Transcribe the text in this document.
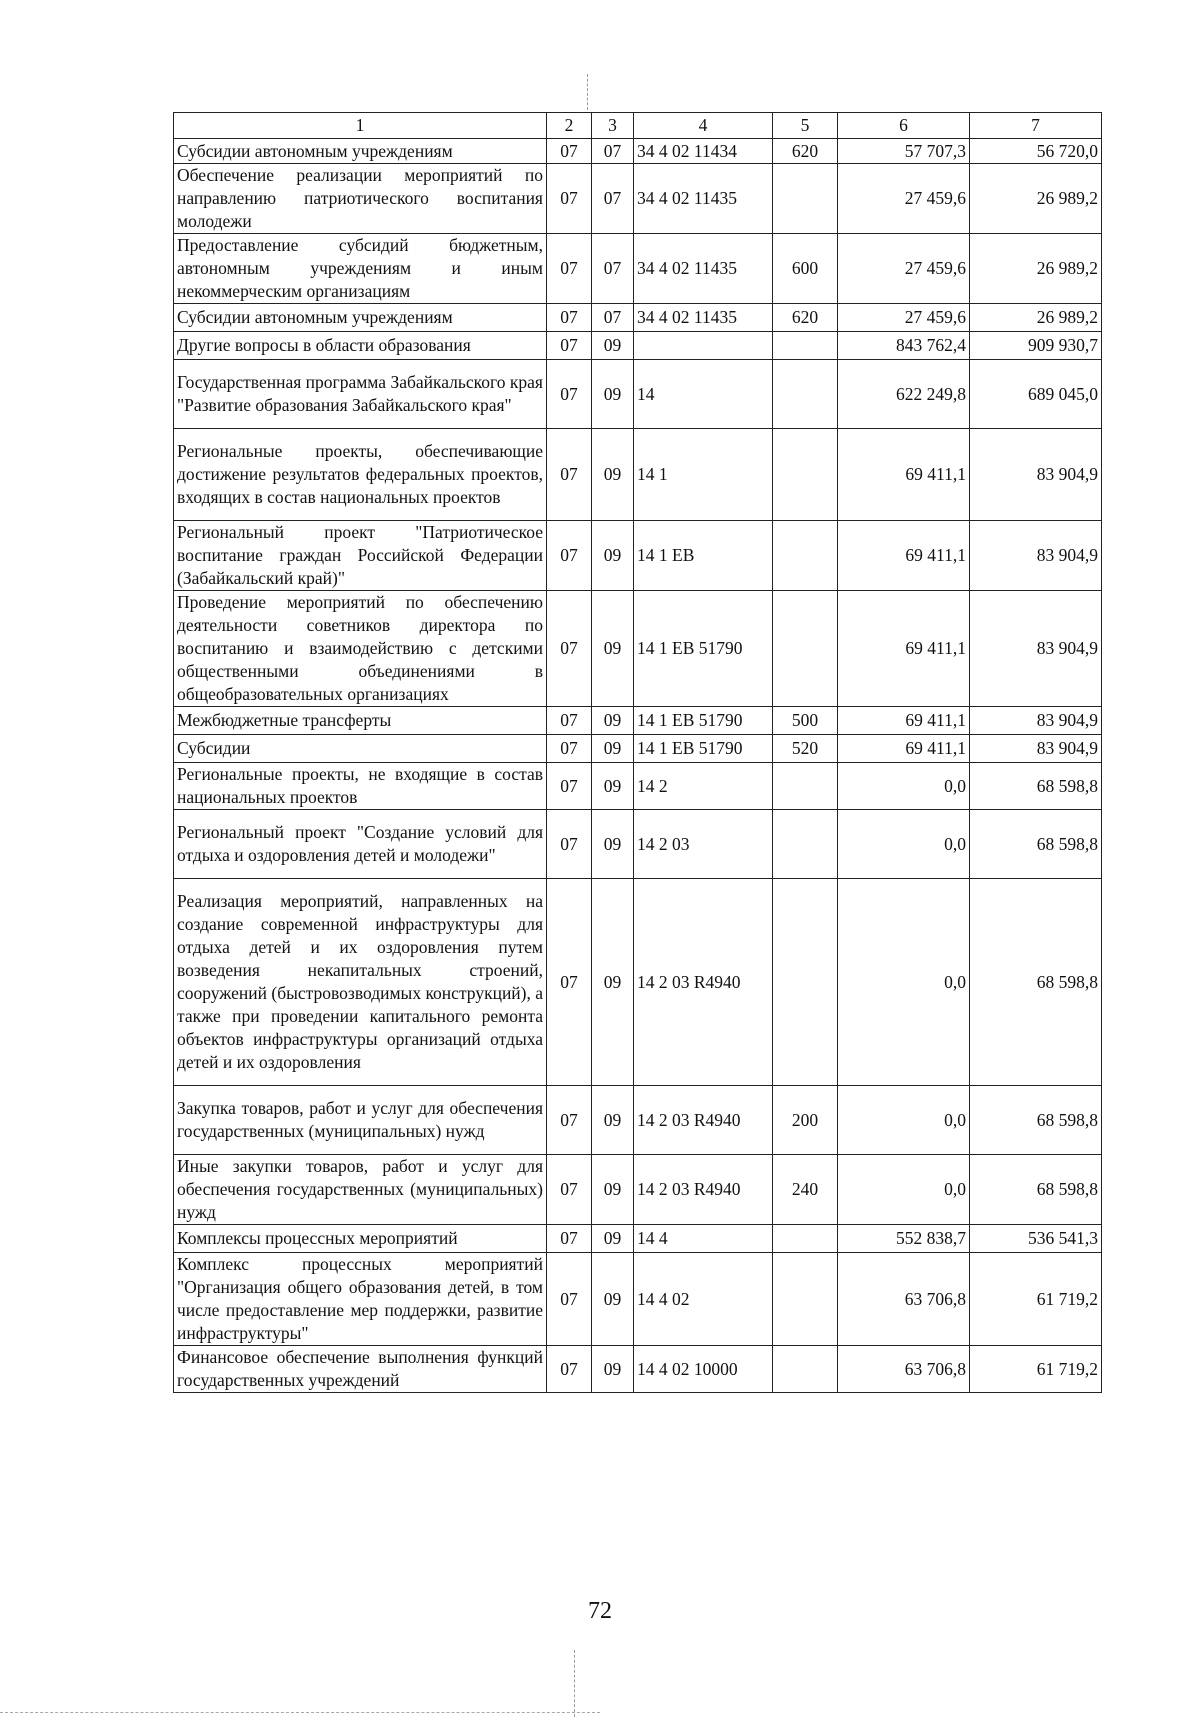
1	2	3	4	5	6	7
Субсидии автономным учреждениям	07	07	34 4 02 11434	620	57 707,3	56 720,0
Обеспечение реализации мероприятий по направлению патриотического воспитания молодежи	07	07	34 4 02 11435		27 459,6	26 989,2
Предоставление субсидий бюджетным, автономным учреждениям и иным некоммерческим организациям	07	07	34 4 02 11435	600	27 459,6	26 989,2
Субсидии автономным учреждениям	07	07	34 4 02 11435	620	27 459,6	26 989,2
Другие вопросы в области образования	07	09			843 762,4	909 930,7
Государственная программа Забайкальского края "Развитие образования Забайкальского края"	07	09	14		622 249,8	689 045,0
Региональные проекты, обеспечивающие достижение результатов федеральных проектов, входящих в состав национальных проектов	07	09	14 1		69 411,1	83 904,9
Региональный проект "Патриотическое воспитание граждан Российской Федерации (Забайкальский край)"	07	09	14 1 ЕВ		69 411,1	83 904,9
Проведение мероприятий по обеспечению деятельности советников директора по воспитанию и взаимодействию с детскими общественными объединениями в общеобразовательных организациях	07	09	14 1 ЕВ 51790		69 411,1	83 904,9
Межбюджетные трансферты	07	09	14 1 ЕВ 51790	500	69 411,1	83 904,9
Субсидии	07	09	14 1 ЕВ 51790	520	69 411,1	83 904,9
Региональные проекты, не входящие в состав национальных проектов	07	09	14 2		0,0	68 598,8
Региональный проект "Создание условий для отдыха и оздоровления детей и молодежи"	07	09	14 2 03		0,0	68 598,8
Реализация мероприятий, направленных на создание современной инфраструктуры для отдыха детей и их оздоровления путем возведения некапитальных строений, сооружений (быстровозводимых конструкций), а также при проведении капитального ремонта объектов инфраструктуры организаций отдыха детей и их оздоровления	07	09	14 2 03 R4940		0,0	68 598,8
Закупка товаров, работ и услуг для обеспечения государственных (муниципальных) нужд	07	09	14 2 03 R4940	200	0,0	68 598,8
Иные закупки товаров, работ и услуг для обеспечения государственных (муниципальных) нужд	07	09	14 2 03 R4940	240	0,0	68 598,8
Комплексы процессных мероприятий	07	09	14 4		552 838,7	536 541,3
Комплекс процессных мероприятий "Организация общего образования детей, в том числе предоставление мер поддержки, развитие инфраструктуры"	07	09	14 4 02		63 706,8	61 719,2
Финансовое обеспечение выполнения функций государственных учреждений	07	09	14 4 02 10000		63 706,8	61 719,2
72
